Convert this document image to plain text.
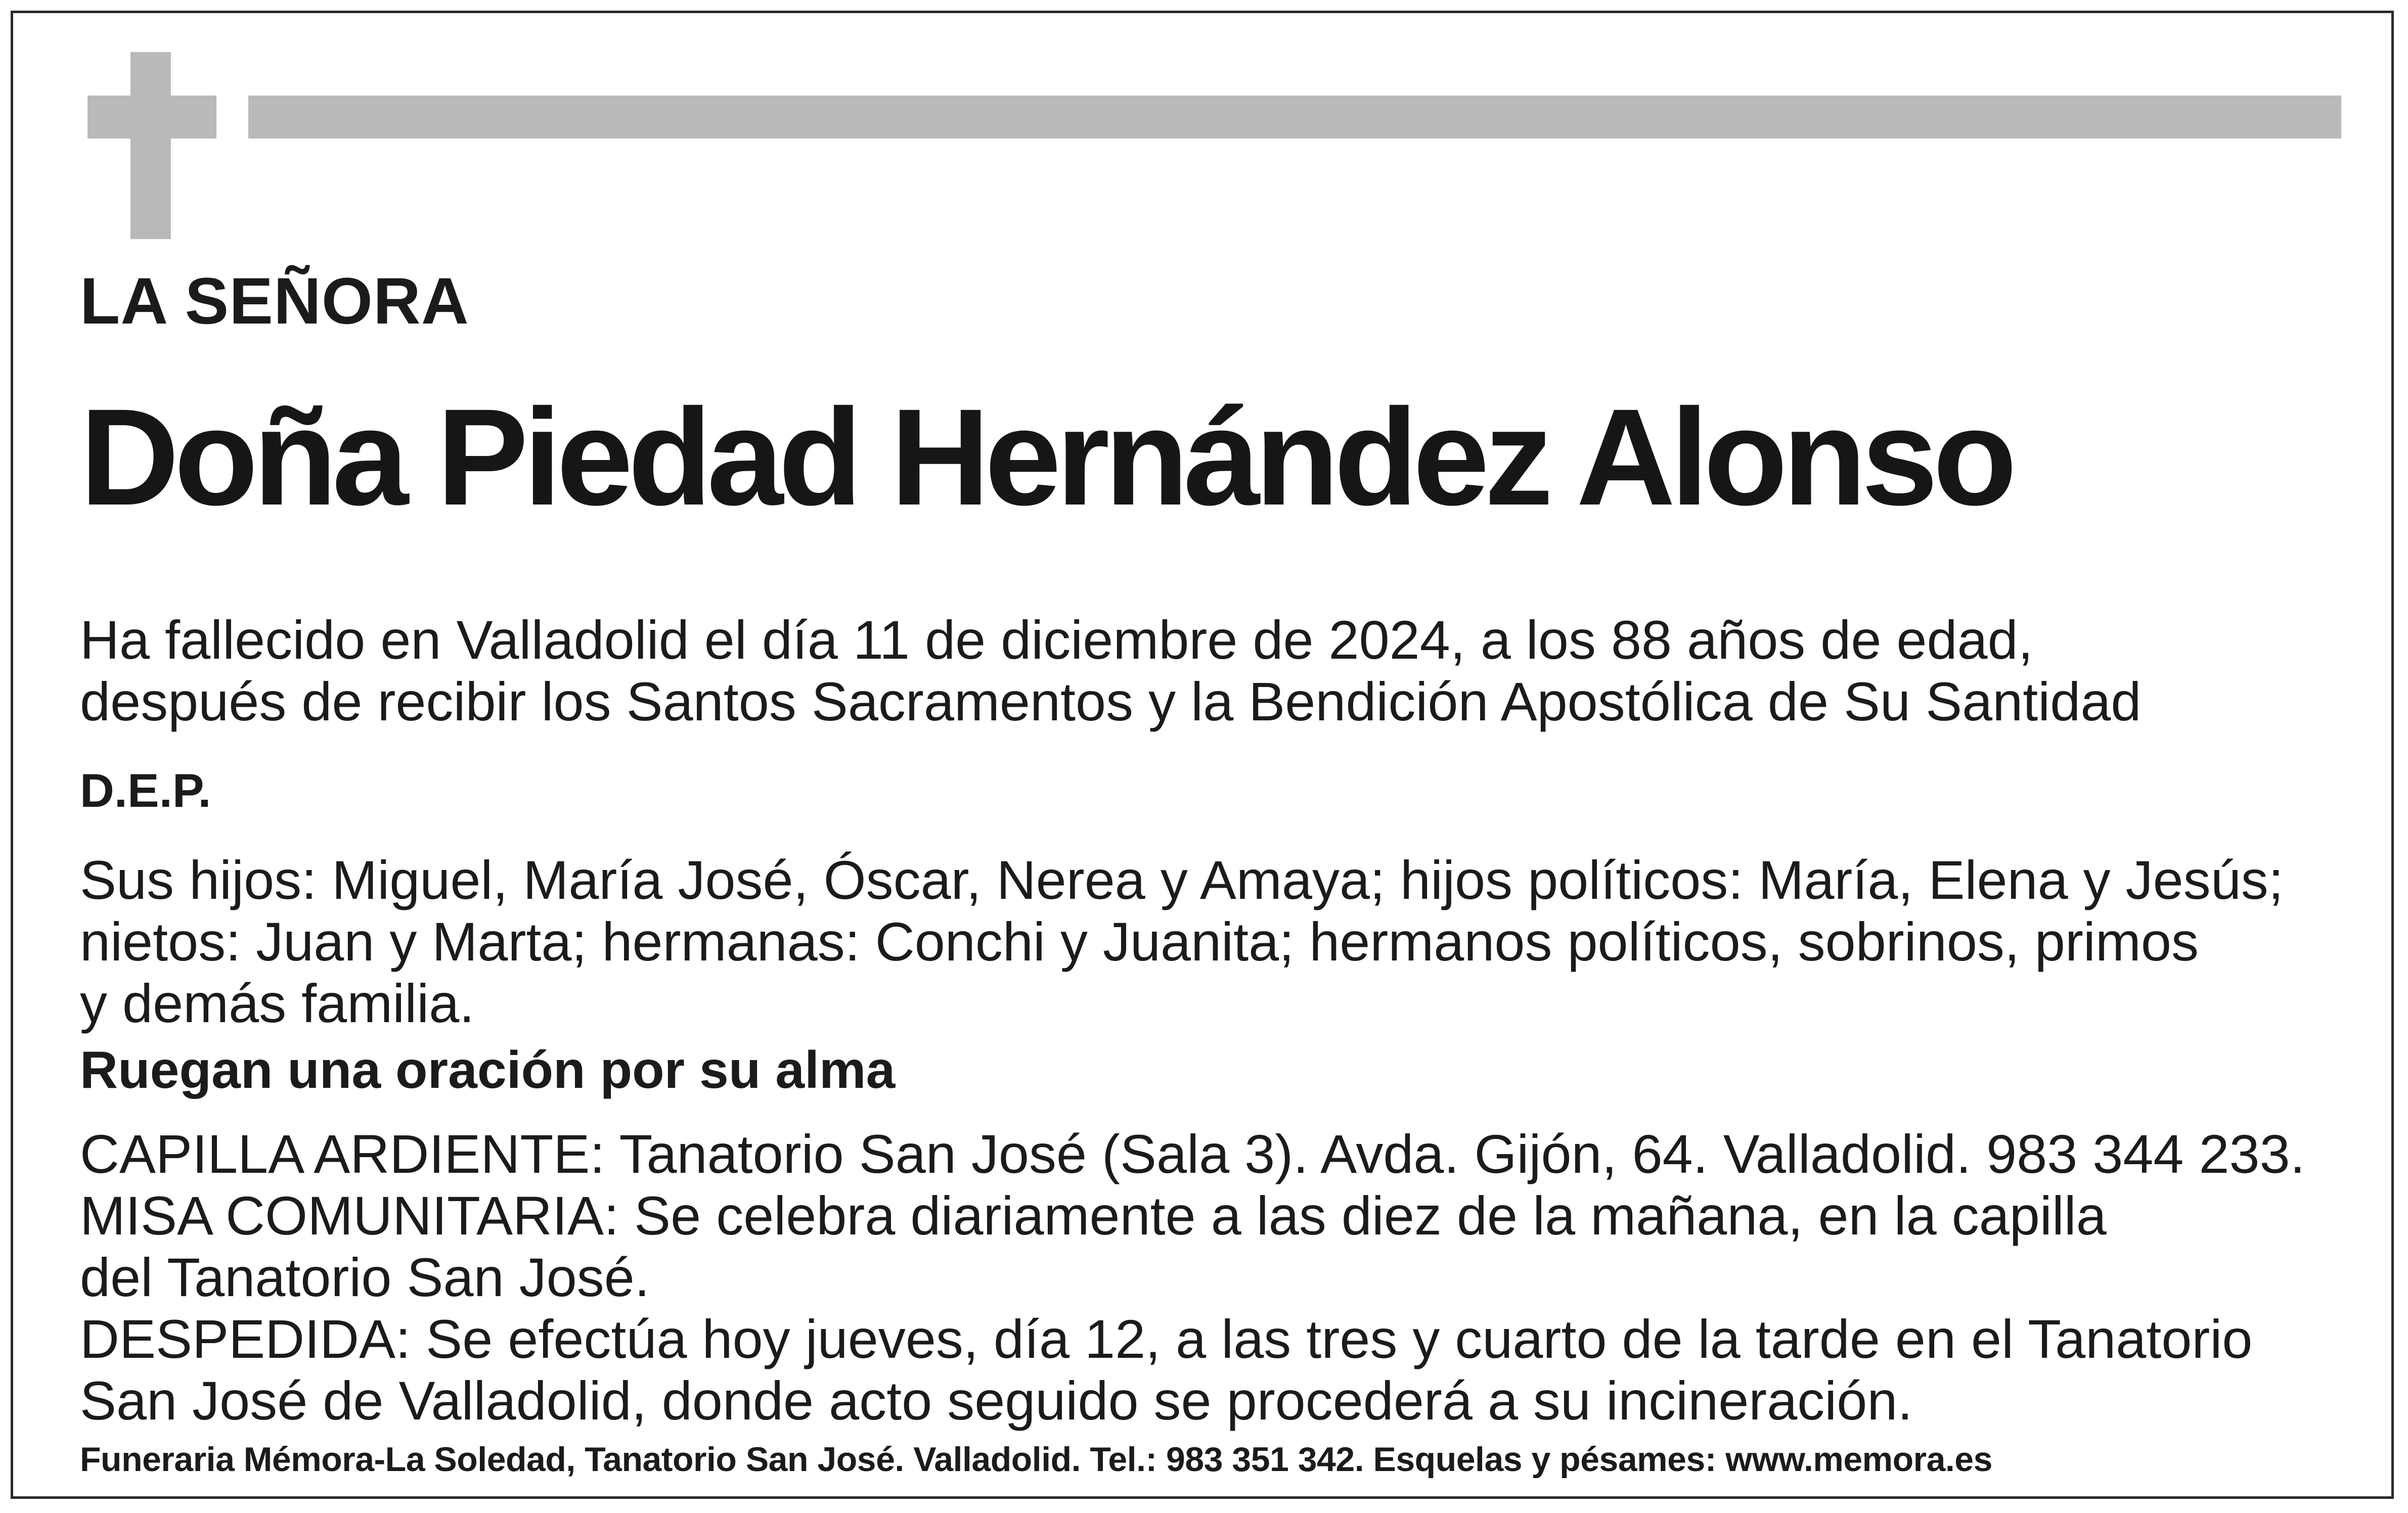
LA SEÑORA

Doña Piedad Hernández Alonso

Ha fallecido en Valladolid el día 11 de diciembre de 2024, a los 88 años de edad,
después de recibir los Santos Sacramentos y la Bendición Apostólica de Su Santidad

D.E.P.

Sus hijos: Miguel, María José, Óscar, Nerea y Amaya; hijos políticos: María, Elena y Jesús;
nietos: Juan y Marta; hermanas: Conchi y Juanita; hermanos políticos, sobrinos, primos
y demás familia.

Ruegan una oración por su alma

CAPILLA ARDIENTE: Tanatorio San José (Sala 3). Avda. Gijón, 64. Valladolid. 983 344 233.
MISA COMUNITARIA: Se celebra diariamente a las diez de la mañana, en la capilla
del Tanatorio San José.
DESPEDIDA: Se efectúa hoy jueves, día 12, a las tres y cuarto de la tarde en el Tanatorio
San José de Valladolid, donde acto seguido se procederá a su incineración.

Funeraria Mémora-La Soledad, Tanatorio San José. Valladolid. Tel.: 983 351 342. Esquelas y pésames: www.memora.es
